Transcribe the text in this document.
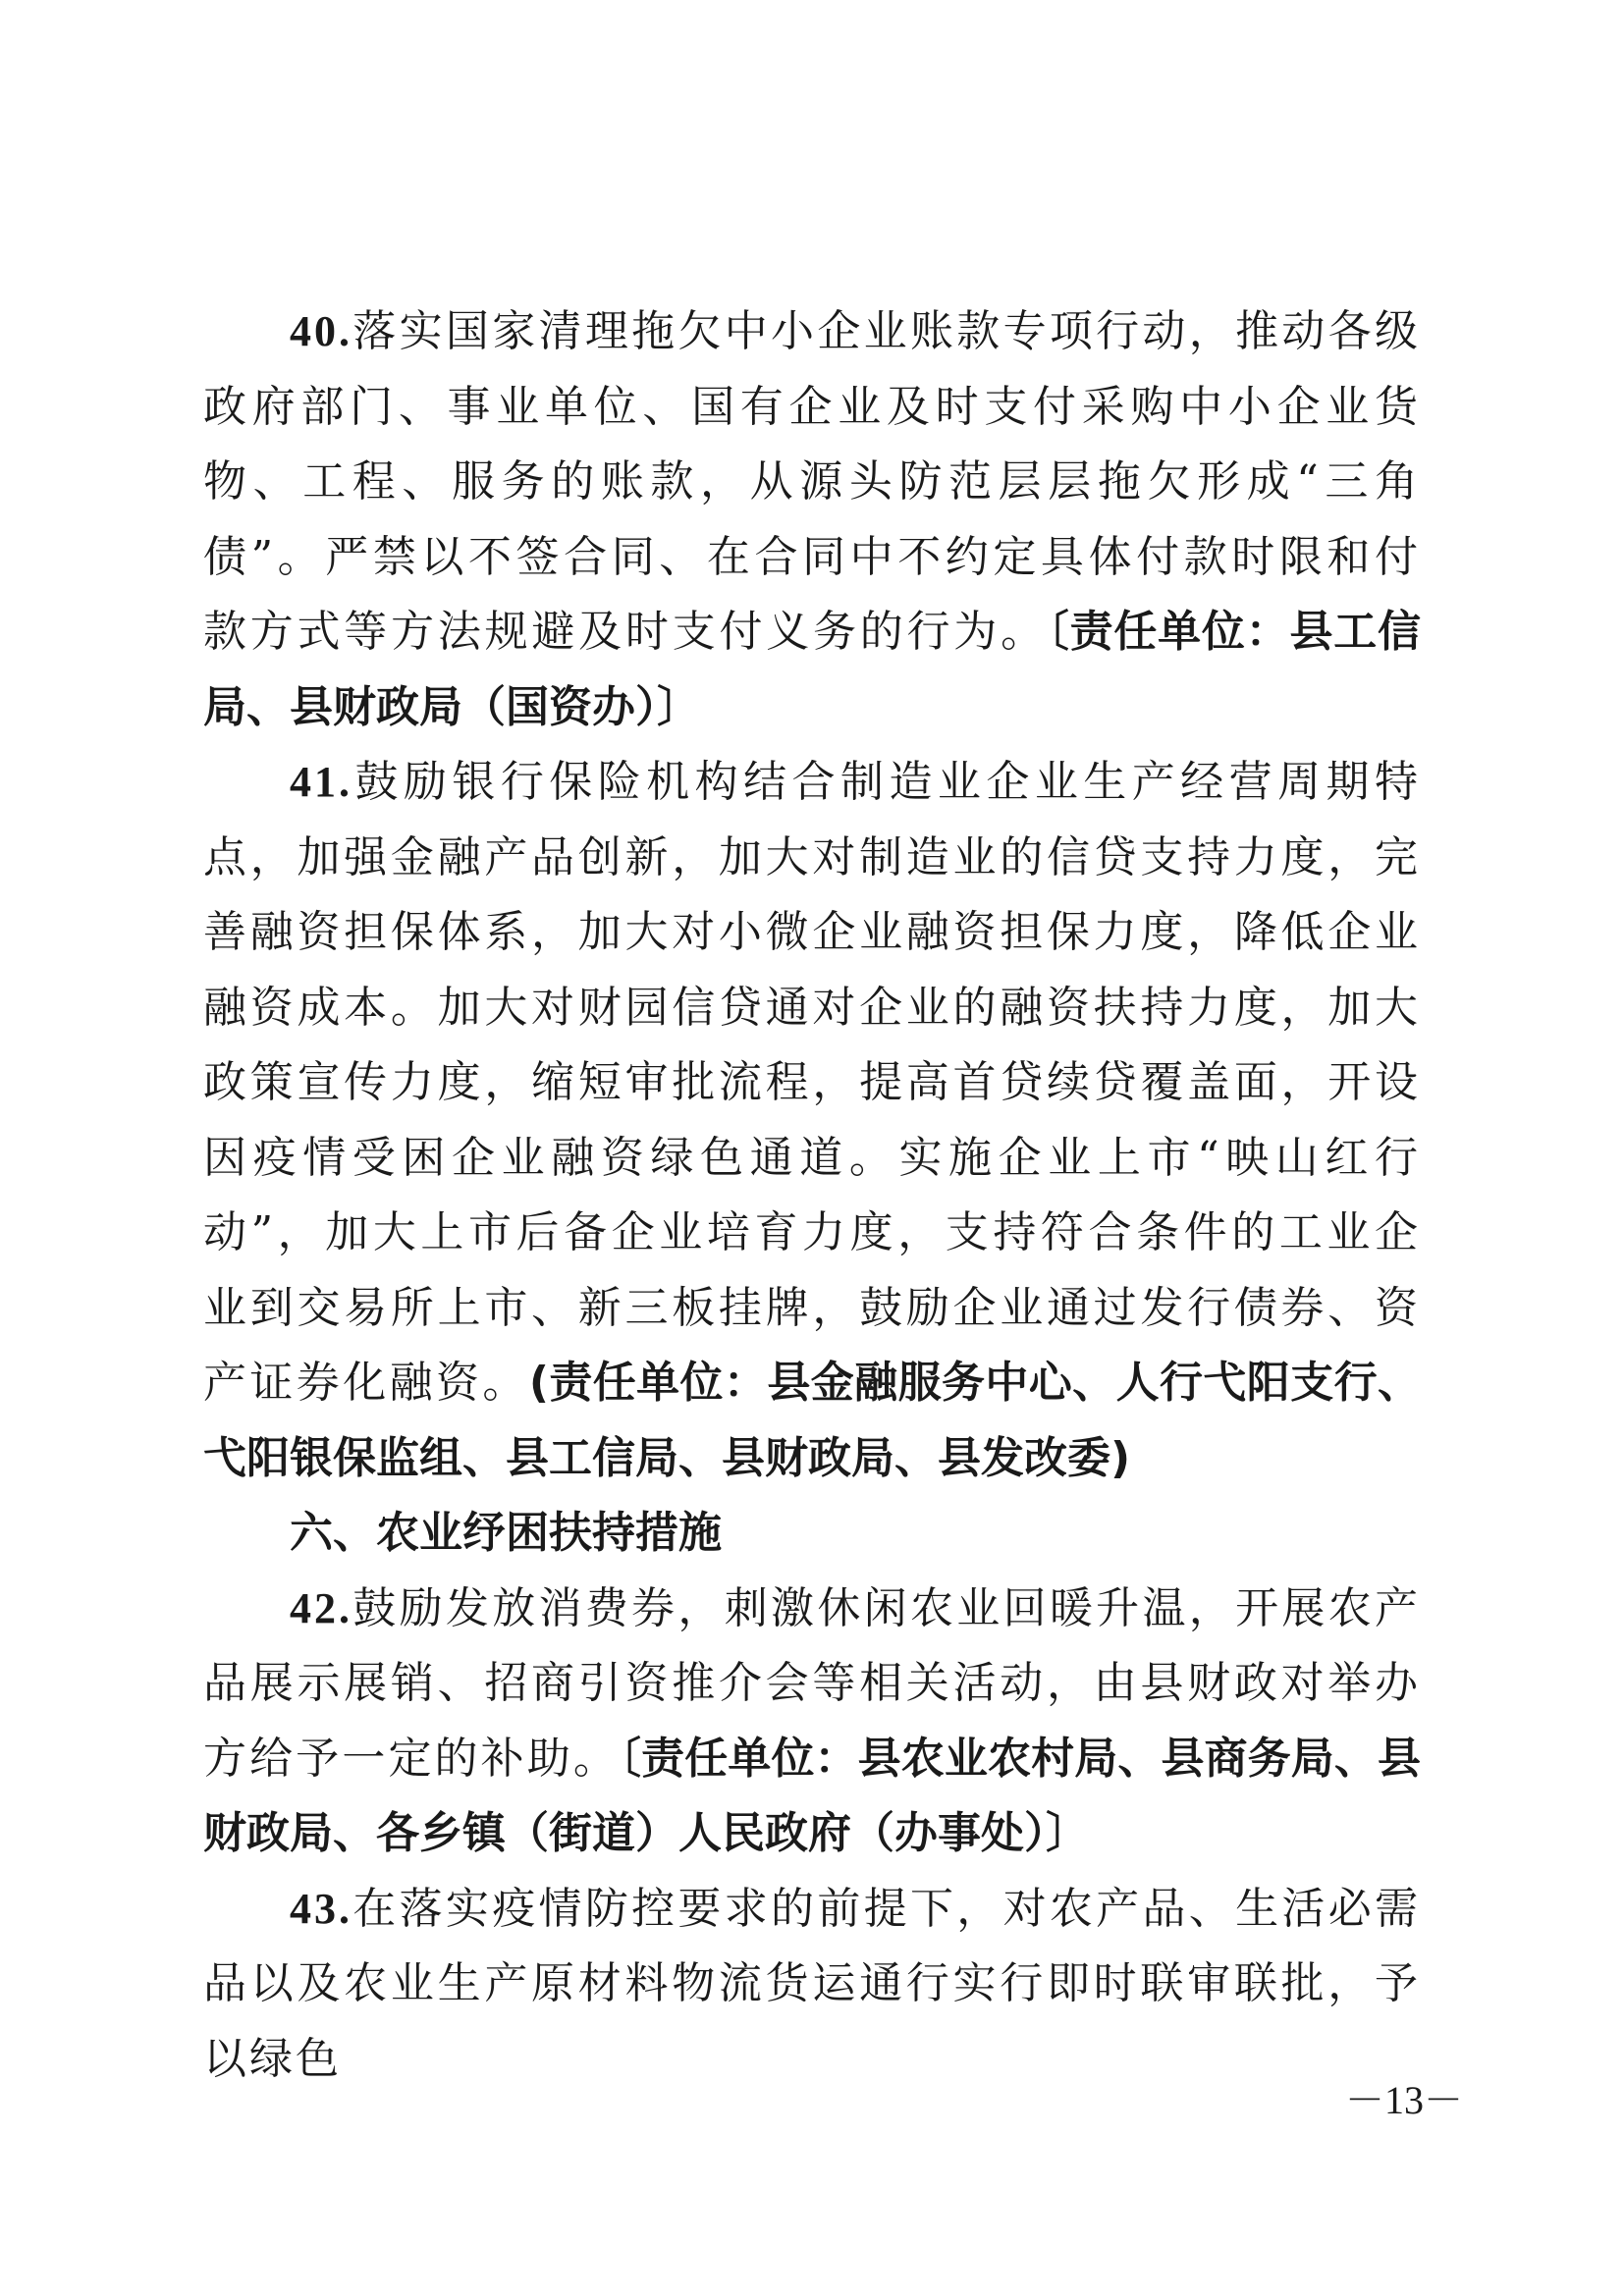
40.落实国家清理拖欠中小企业账款专项行动，推动各级政府部门、事业单位、国有企业及时支付采购中小企业货物、工程、服务的账款，从源头防范层层拖欠形成“三角债”。严禁以不签合同、在合同中不约定具体付款时限和付款方式等方法规避及时支付义务的行为。〔责任单位：县工信局、县财政局（国资办）〕

41.鼓励银行保险机构结合制造业企业生产经营周期特点，加强金融产品创新，加大对制造业的信贷支持力度，完善融资担保体系，加大对小微企业融资担保力度，降低企业融资成本。加大对财园信贷通对企业的融资扶持力度，加大政策宣传力度，缩短审批流程，提高首贷续贷覆盖面，开设因疫情受困企业融资绿色通道。实施企业上市“映山红行动”，加大上市后备企业培育力度，支持符合条件的工业企业到交易所上市、新三板挂牌，鼓励企业通过发行债券、资产证券化融资。(责任单位：县金融服务中心、人行弋阳支行、弋阳银保监组、县工信局、县财政局、县发改委)

六、农业纾困扶持措施

42.鼓励发放消费券，刺激休闲农业回暖升温，开展农产品展示展销、招商引资推介会等相关活动，由县财政对举办方给予一定的补助。〔责任单位：县农业农村局、县商务局、县财政局、各乡镇（街道）人民政府（办事处）〕

43.在落实疫情防控要求的前提下，对农产品、生活必需品以及农业生产原材料物流货运通行实行即时联审联批，予以绿色

－13－
